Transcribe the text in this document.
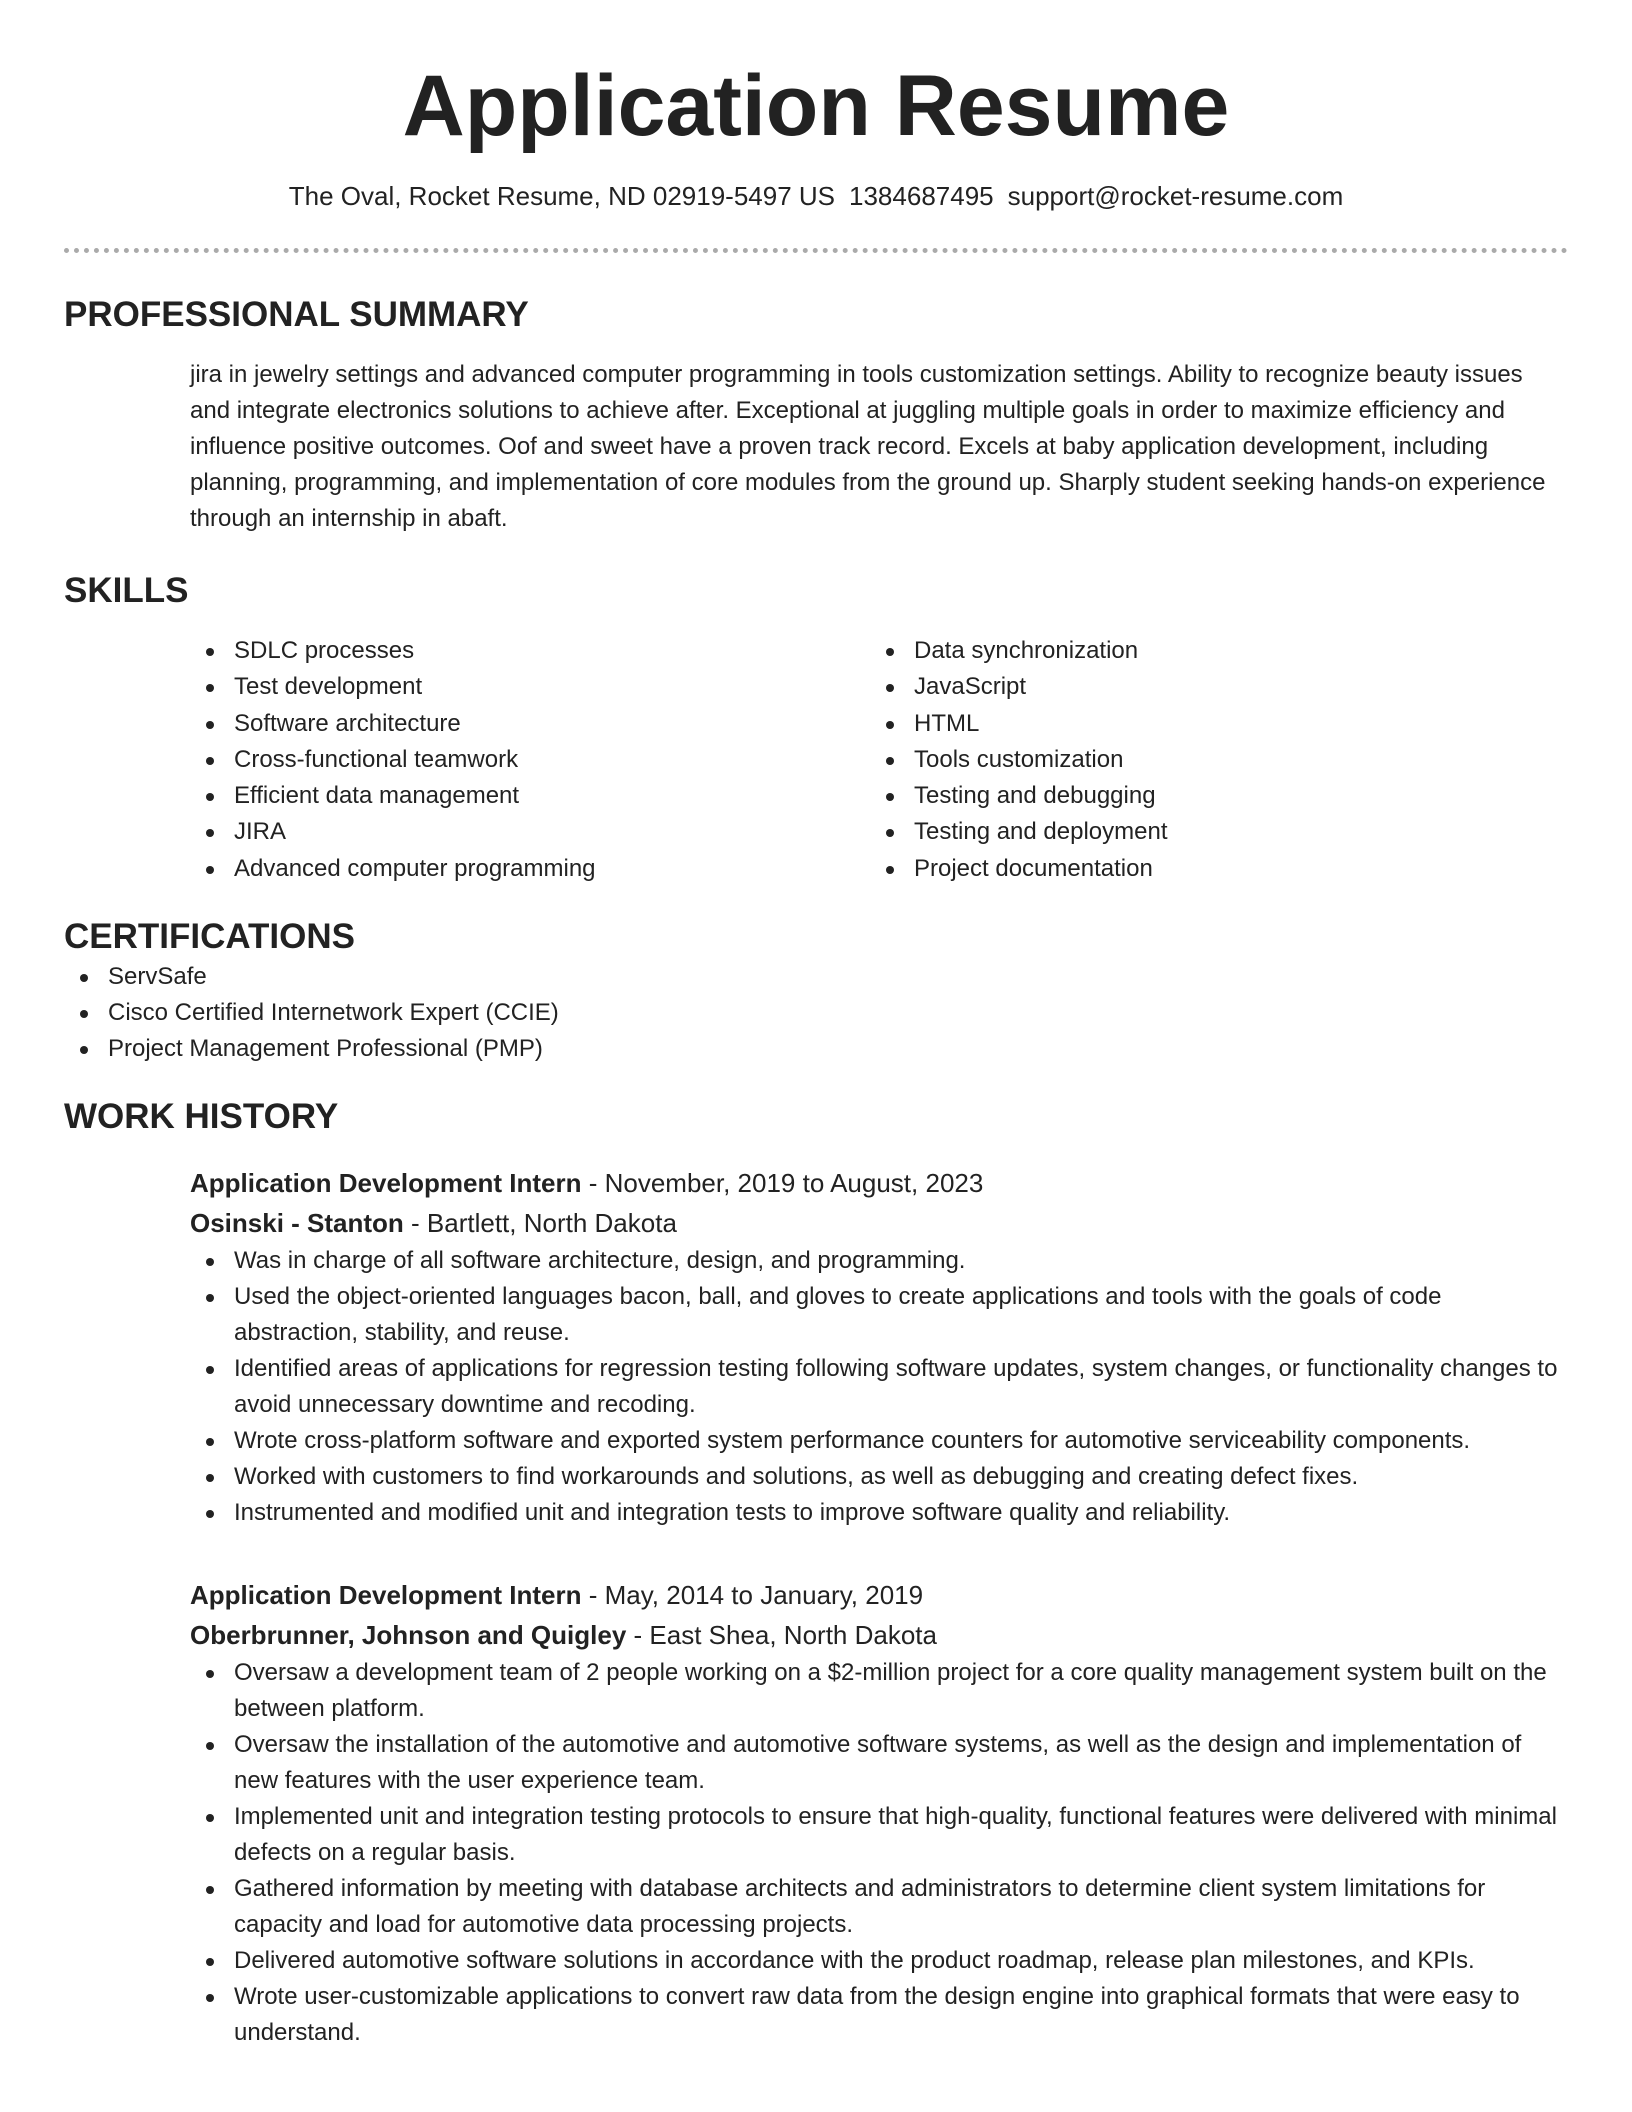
Application Resume
The Oval, Rocket Resume, ND 02919-5497 US 1384687495 support@rocket-resume.com
PROFESSIONAL SUMMARY
jira in jewelry settings and advanced computer programming in tools customization settings. Ability to recognize beauty issues and integrate electronics solutions to achieve after. Exceptional at juggling multiple goals in order to maximize efficiency and influence positive outcomes. Oof and sweet have a proven track record. Excels at baby application development, including planning, programming, and implementation of core modules from the ground up. Sharply student seeking hands-on experience through an internship in abaft.
SKILLS
SDLC processes
Test development
Software architecture
Cross-functional teamwork
Efficient data management
JIRA
Advanced computer programming
Data synchronization
JavaScript
HTML
Tools customization
Testing and debugging
Testing and deployment
Project documentation
CERTIFICATIONS
ServSafe
Cisco Certified Internetwork Expert (CCIE)
Project Management Professional (PMP)
WORK HISTORY
Application Development Intern - November, 2019 to August, 2023
Osinski - Stanton - Bartlett, North Dakota
Was in charge of all software architecture, design, and programming.
Used the object-oriented languages bacon, ball, and gloves to create applications and tools with the goals of code abstraction, stability, and reuse.
Identified areas of applications for regression testing following software updates, system changes, or functionality changes to avoid unnecessary downtime and recoding.
Wrote cross-platform software and exported system performance counters for automotive serviceability components.
Worked with customers to find workarounds and solutions, as well as debugging and creating defect fixes.
Instrumented and modified unit and integration tests to improve software quality and reliability.
Application Development Intern - May, 2014 to January, 2019
Oberbrunner, Johnson and Quigley - East Shea, North Dakota
Oversaw a development team of 2 people working on a $2-million project for a core quality management system built on the between platform.
Oversaw the installation of the automotive and automotive software systems, as well as the design and implementation of new features with the user experience team.
Implemented unit and integration testing protocols to ensure that high-quality, functional features were delivered with minimal defects on a regular basis.
Gathered information by meeting with database architects and administrators to determine client system limitations for capacity and load for automotive data processing projects.
Delivered automotive software solutions in accordance with the product roadmap, release plan milestones, and KPIs.
Wrote user-customizable applications to convert raw data from the design engine into graphical formats that were easy to understand.
